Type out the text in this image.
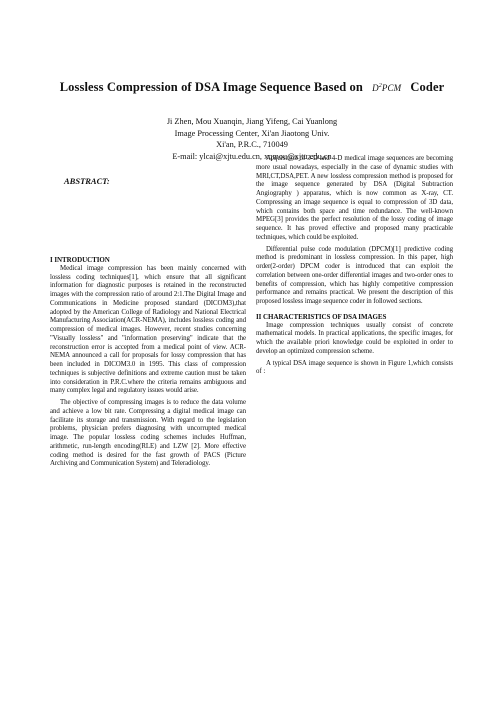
Lossless Compression of DSA Image Sequence Based on $D^2PCM$ Coder
Ji Zhen, Mou Xuanqin, Jiang Yifeng, Cai Yuanlong
Image Processing Center, Xi'an Jiaotong Univ.
Xi'an, P.R.C., 710049
E-mail: ylcai@xjtu.edu.cn, xqmou@xjtu.edu.cn
ABSTRACT:

I INTRODUCTION

Medical image compression has been mainly concerned with lossless coding techniques[1], which ensure that all significant information for diagnostic purposes is retained in the reconstructed images with the compression ratio of around 2:1.The Digital Image and Communications in Medicine proposed standard (DICOM3),that adopted by the American College of Radiology and National Electrical Manufacturing Association(ACR-NEMA), includes lossless coding and compression of medical images. However, recent studies concerning "Visually lossless" and "information preserving" indicate that the reconstruction error is accepted from a medical point of view. ACR-NEMA announced a call for proposals for lossy compression that has been included in DICOM3.0 in 1995. This class of compression techniques is subjective definitions and extreme caution must be taken into consideration in P.R.C.where the criteria remains ambiguous and many complex legal and regulatory issues would arise.

The objective of compressing images is to reduce the data volume and achieve a low bit rate. Compressing a digital medical image can facilitate its storage and transmission. With regard to the legislation problems, physician prefers diagnosing with uncorrupted medical image. The popular lossless coding schemes includes Huffman, arithmetic, run-length encoding(RLE) and LZW [2]. More effective coding method is desired for the fast growth of PACS (Picture Archiving and Communication System) and Teleradiology.

Acquisition of 3-D and 4-D medical image sequences are becoming more usual nowadays, especially in the case of dynamic studies with MRI,CT,DSA,PET. A new lossless compression method is proposed for the image sequence generated by DSA (Digital Subtraction Angiography ) apparatus, which is now common as X-ray, CT. Compressing an image sequence is equal to compression of 3D data, which contains both space and time redundance. The well-known MPEG[3] provides the perfect resolution of the lossy coding of image sequence. It has proved effective and proposed many practicable techniques, which could be exploited.

Differential pulse code modulation (DPCM)[1] predictive coding method is predominant in lossless compression. In this paper, high order(2-order) DPCM coder is introduced that can exploit the correlation between one-order differential images and two-order ones to benefits of compression, which has highly competitive compression performance and remains practical. We present the description of this proposed lossless image sequence coder in followed sections.

II CHARACTERISTICS OF DSA IMAGES

Image compression techniques usually consist of concrete mathematical models. In practical applications, the specific images, for which the available priori knowledge could be exploited in order to develop an optimized compression scheme.

A typical DSA image sequence is shown in Figure 1,which consists of :
